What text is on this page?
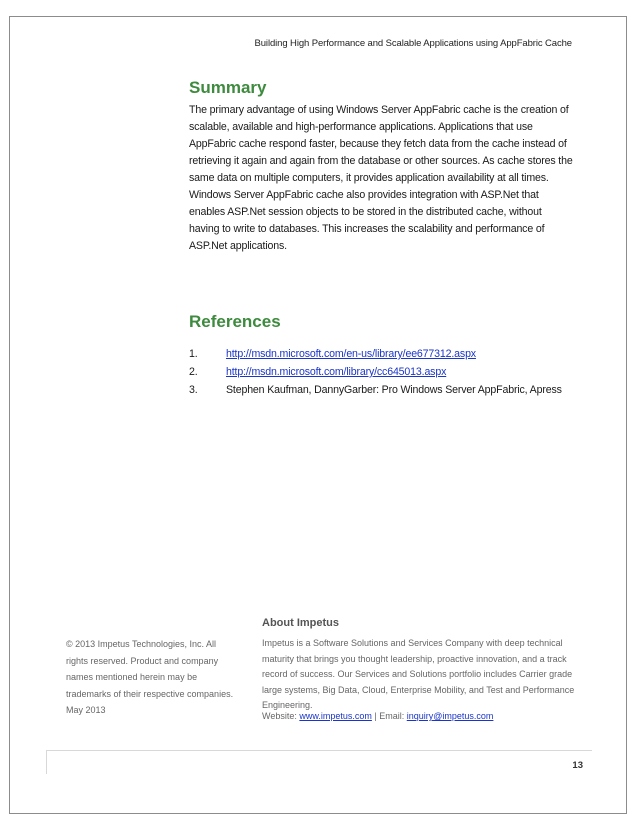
Building High Performance and Scalable Applications using AppFabric Cache
Summary
The primary advantage of using Windows Server AppFabric cache is the creation of scalable, available and high-performance applications. Applications that use AppFabric cache respond faster, because they fetch data from the cache instead of retrieving it again and again from the database or other sources. As cache stores the same data on multiple computers, it provides application availability at all times. Windows Server AppFabric cache also provides integration with ASP.Net that enables ASP.Net session objects to be stored in the distributed cache, without having to write to databases. This increases the scalability and performance of ASP.Net applications.
References
1.	http://msdn.microsoft.com/en-us/library/ee677312.aspx
2.	http://msdn.microsoft.com/library/cc645013.aspx
3.	Stephen Kaufman, DannyGarber: Pro Windows Server AppFabric, Apress
About Impetus
Impetus is a Software Solutions and Services Company with deep technical maturity that brings you thought leadership, proactive innovation, and a track record of success. Our Services and Solutions portfolio includes Carrier grade large systems, Big Data, Cloud, Enterprise Mobility, and Test and Performance Engineering.
Website: www.impetus.com | Email: inquiry@impetus.com
© 2013 Impetus Technologies, Inc. All rights reserved. Product and company names mentioned herein may be trademarks of their respective companies. May 2013
13
